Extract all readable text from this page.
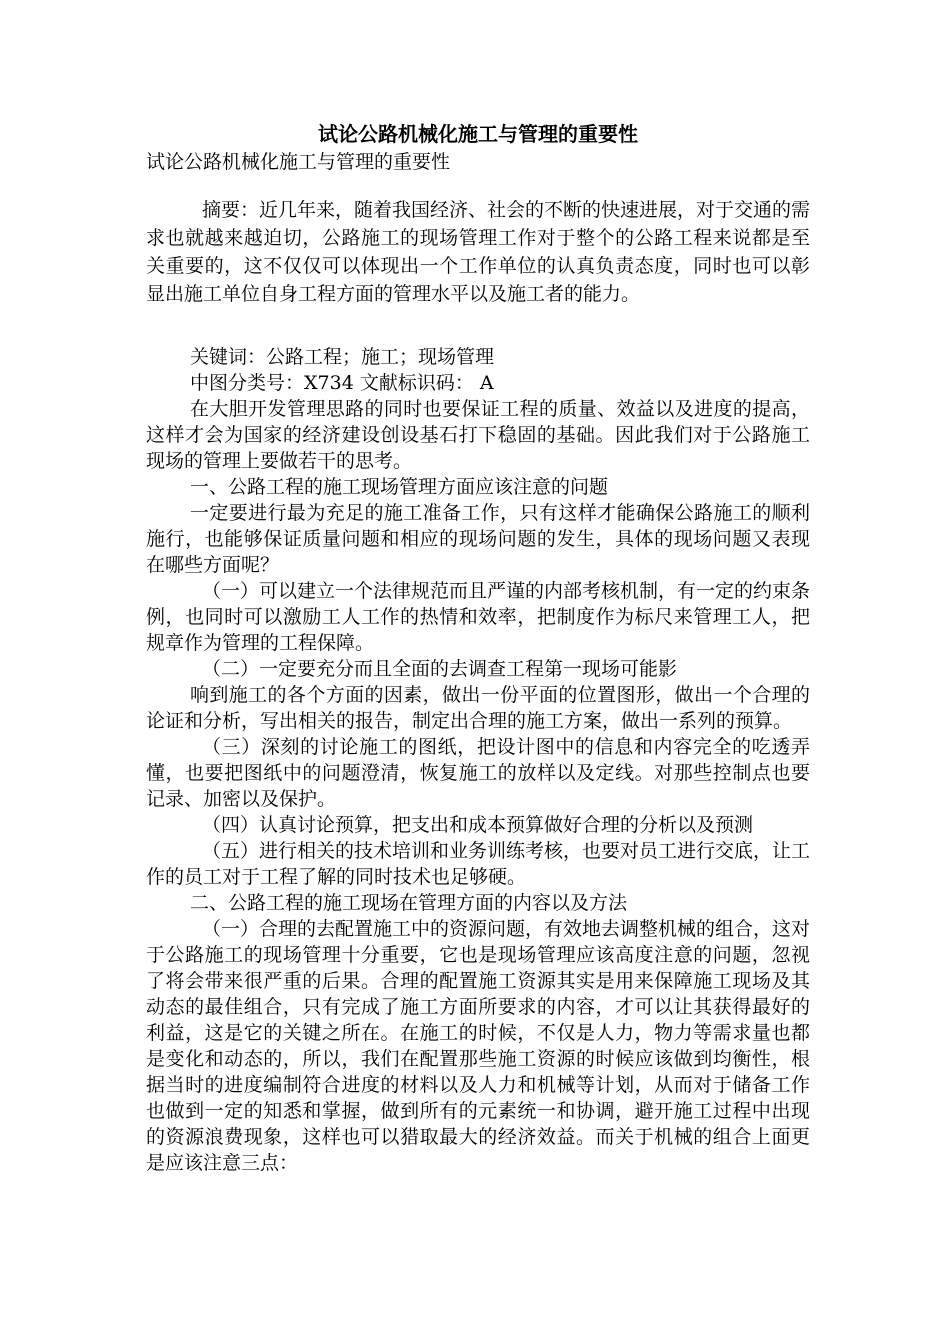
试论公路机械化施工与管理的重要性

试论公路机械化施工与管理的重要性

摘要：近几年来，随着我国经济、社会的不断的快速进展，对于交通的需求也就越来越迫切，公路施工的现场管理工作对于整个的公路工程来说都是至关重要的，这不仅仅可以体现出一个工作单位的认真负责态度，同时也可以彰显出施工单位自身工程方面的管理水平以及施工者的能力。

关键词：公路工程；施工；现场管理

中图分类号：X734 文献标识码： A

在大胆开发管理思路的同时也要保证工程的质量、效益以及进度的提高，这样才会为国家的经济建设创设基石打下稳固的基础。因此我们对于公路施工现场的管理上要做若干的思考。

一、公路工程的施工现场管理方面应该注意的问题

一定要进行最为充足的施工准备工作，只有这样才能确保公路施工的顺利施行，也能够保证质量问题和相应的现场问题的发生，具体的现场问题又表现在哪些方面呢？

（一）可以建立一个法律规范而且严谨的内部考核机制，有一定的约束条例，也同时可以激励工人工作的热情和效率，把制度作为标尺来管理工人，把规章作为管理的工程保障。

（二）一定要充分而且全面的去调查工程第一现场可能影

响到施工的各个方面的因素，做出一份平面的位置图形，做出一个合理的论证和分析，写出相关的报告，制定出合理的施工方案，做出一系列的预算。

（三）深刻的讨论施工的图纸，把设计图中的信息和内容完全的吃透弄懂，也要把图纸中的问题澄清，恢复施工的放样以及定线。对那些控制点也要记录、加密以及保护。

（四）认真讨论预算，把支出和成本预算做好合理的分析以及预测

（五）进行相关的技术培训和业务训练考核，也要对员工进行交底，让工作的员工对于工程了解的同时技术也足够硬。

二、公路工程的施工现场在管理方面的内容以及方法

（一）合理的去配置施工中的资源问题，有效地去调整机械的组合，这对于公路施工的现场管理十分重要，它也是现场管理应该高度注意的问题，忽视了将会带来很严重的后果。合理的配置施工资源其实是用来保障施工现场及其动态的最佳组合，只有完成了施工方面所要求的内容，才可以让其获得最好的利益，这是它的关键之所在。在施工的时候，不仅是人力，物力等需求量也都是变化和动态的，所以，我们在配置那些施工资源的时候应该做到均衡性，根据当时的进度编制符合进度的材料以及人力和机械等计划，从而对于储备工作也做到一定的知悉和掌握，做到所有的元素统一和协调，避开施工过程中出现的资源浪费现象，这样也可以猎取最大的经济效益。而关于机械的组合上面更是应该注意三点：
